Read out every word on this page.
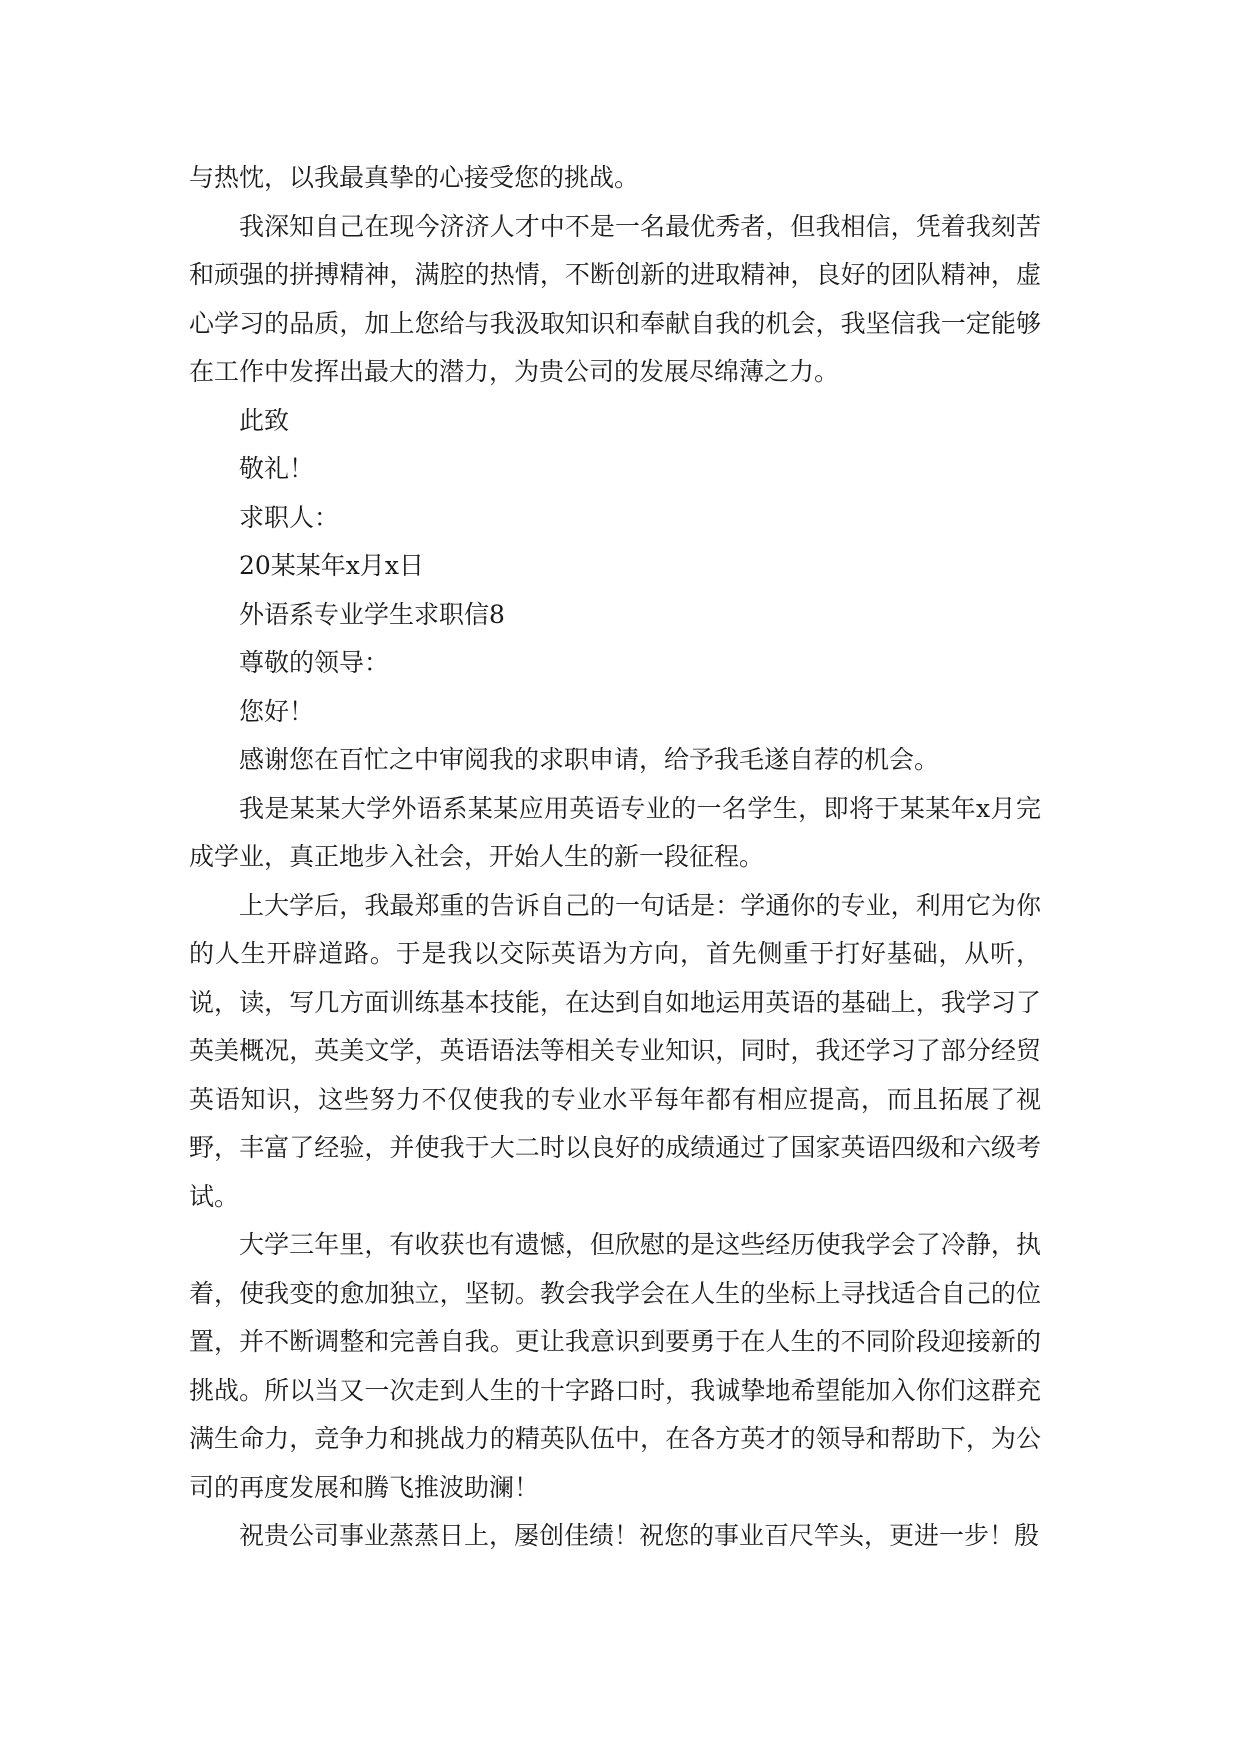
与热忱，以我最真挚的心接受您的挑战。

我深知自己在现今济济人才中不是一名最优秀者，但我相信，凭着我刻苦和顽强的拼搏精神，满腔的热情，不断创新的进取精神，良好的团队精神，虚心学习的品质，加上您给与我汲取知识和奉献自我的机会，我坚信我一定能够在工作中发挥出最大的潜力，为贵公司的发展尽绵薄之力。

此致

敬礼！

求职人：

20某某年x月x日

外语系专业学生求职信8

尊敬的领导：

您好！

感谢您在百忙之中审阅我的求职申请，给予我毛遂自荐的机会。

我是某某大学外语系某某应用英语专业的一名学生，即将于某某年x月完成学业，真正地步入社会，开始人生的新一段征程。

上大学后，我最郑重的告诉自己的一句话是：学通你的专业，利用它为你的人生开辟道路。于是我以交际英语为方向，首先侧重于打好基础，从听，说，读，写几方面训练基本技能，在达到自如地运用英语的基础上，我学习了英美概况，英美文学，英语语法等相关专业知识，同时，我还学习了部分经贸英语知识，这些努力不仅使我的专业水平每年都有相应提高，而且拓展了视野，丰富了经验，并使我于大二时以良好的成绩通过了国家英语四级和六级考试。

大学三年里，有收获也有遗憾，但欣慰的是这些经历使我学会了冷静，执着，使我变的愈加独立，坚韧。教会我学会在人生的坐标上寻找适合自己的位置，并不断调整和完善自我。更让我意识到要勇于在人生的不同阶段迎接新的挑战。所以当又一次走到人生的十字路口时，我诚挚地希望能加入你们这群充满生命力，竞争力和挑战力的精英队伍中，在各方英才的领导和帮助下，为公司的再度发展和腾飞推波助澜！

祝贵公司事业蒸蒸日上，屡创佳绩！祝您的事业百尺竿头，更进一步！殷
